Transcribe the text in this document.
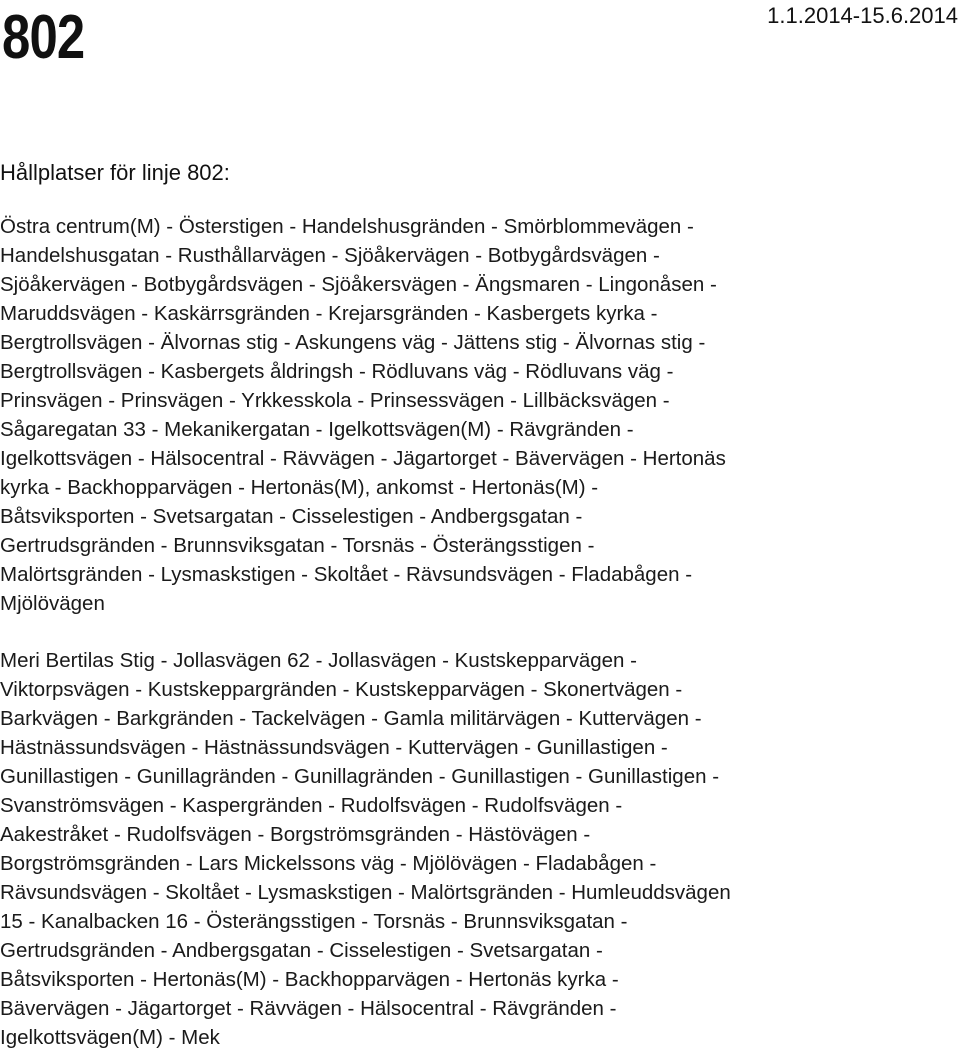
802	1.1.2014-15.6.2014
Hållplatser för linje 802:
Östra centrum(M) - Österstigen - Handelshusgränden - Smörblommevägen -
Handelshusgatan - Rusthållarvägen - Sjöåkervägen - Botbygårdsvägen -
Sjöåkervägen - Botbygårdsvägen - Sjöåkersvägen - Ängsmaren - Lingonåsen -
Maruddsvägen - Kaskärrsgränden - Krejarsgränden - Kasbergets kyrka -
Bergtrollsvägen - Älvornas stig - Askungens väg - Jättens stig - Älvornas stig -
Bergtrollsvägen - Kasbergets åldringsh - Rödluvans väg - Rödluvans väg -
Prinsvägen - Prinsvägen - Yrkkesskola - Prinsessvägen - Lillbäcksvägen -
Sågaregatan 33 - Mekanikergatan - Igelkottsvägen(M) - Rävgränden -
Igelkottsvägen - Hälsocentral - Rävvägen - Jägartorget - Bävervägen - Hertonäs
kyrka - Backhopparvägen - Hertonäs(M), ankomst - Hertonäs(M) -
Båtsviksporten - Svetsargatan - Cisselestigen - Andbergsgatan -
Gertrudsgränden - Brunnsviksgatan - Torsnäs - Österängsstigen -
Malörtsgränden - Lysmaskstigen - Skoltået - Rävsundsvägen - Fladabågen -
Mjölövägen
Meri Bertilas Stig - Jollasvägen 62 - Jollasvägen - Kustskepparvägen -
Viktorpsvägen - Kustskeppargränden - Kustskepparvägen - Skonertvägen -
Barkvägen - Barkgränden - Tackelvägen - Gamla militärvägen - Kuttervägen -
Hästnässundsvägen - Hästnässundsvägen - Kuttervägen - Gunillastigen -
Gunillastigen - Gunillagränden - Gunillagränden - Gunillastigen - Gunillastigen -
Svanströmsvägen - Kaspergränden - Rudolfsvägen - Rudolfsvägen -
Aakestråket - Rudolfsvägen - Borgströmsgränden - Hästövägen -
Borgströmsgränden - Lars Mickelssons väg - Mjölövägen - Fladabågen -
Rävsundsvägen - Skoltået - Lysmaskstigen - Malörtsgränden - Humleuddsvägen
15 - Kanalbacken 16 - Österängsstigen - Torsnäs - Brunnsviksgatan -
Gertrudsgränden - Andbergsgatan - Cisselestigen - Svetsargatan -
Båtsviksporten - Hertonäs(M) - Backhopparvägen - Hertonäs kyrka -
Bävervägen - Jägartorget - Rävvägen - Hälsocentral - Rävgränden -
Igelkottsvägen(M) - Mek
